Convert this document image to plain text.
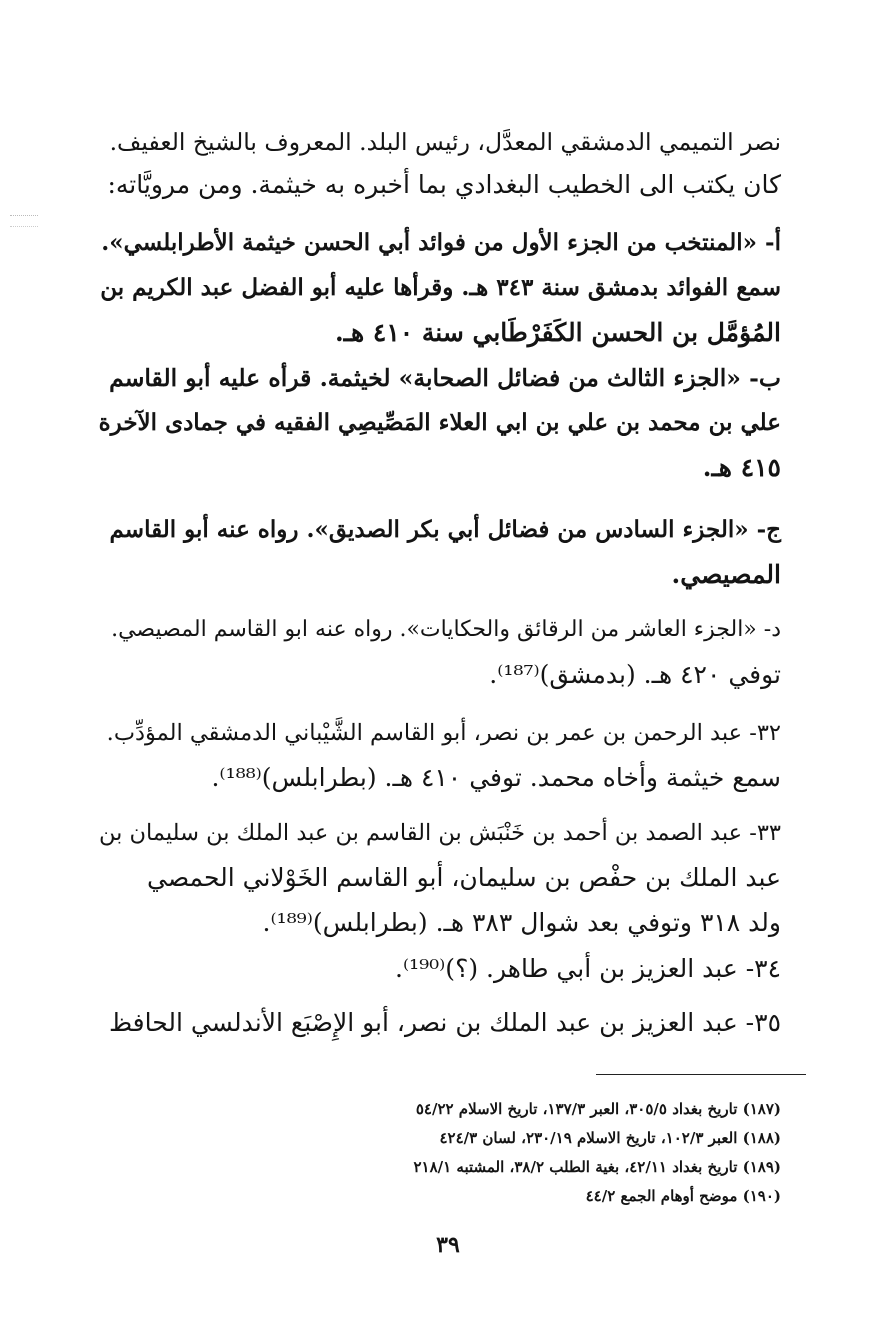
نصر التميمي الدمشقي المعدَّل، رئيس البلد. المعروف بالشيخ العفيف.

كان يكتب الى الخطيب البغدادي بما أخبره به خيثمة. ومن مرويَّاته:

أ- «المنتخب من الجزء الأول من فوائد أبي الحسن خيثمة الأطرابلسي».

سمع الفوائد بدمشق سنة ٣٤٣ هـ. وقرأها عليه أبو الفضل عبد الكريم بن

المُؤمَّل بن الحسن الكَفَرْطَابي سنة ٤١٠ هـ.

ب- «الجزء الثالث من فضائل الصحابة» لخيثمة. قرأه عليه أبو القاسم

علي بن محمد بن علي بن ابي العلاء المَصِّيصِي الفقيه في جمادى الآخرة

٤١٥ هـ.

ج- «الجزء السادس من فضائل أبي بكر الصديق». رواه عنه أبو القاسم

المصيصي.

د- «الجزء العاشر من الرقائق والحكايات». رواه عنه ابو القاسم المصيصي.

توفي ٤٢٠ هـ. (بدمشق)⁽¹⁸⁷⁾.

٣٢- عبد الرحمن بن عمر بن نصر، أبو القاسم الشَّيْباني الدمشقي المؤدِّب.

سمع خيثمة وأخاه محمد. توفي ٤١٠ هـ. (بطرابلس)⁽¹⁸⁸⁾.

٣٣- عبد الصمد بن أحمد بن خَنْبَش بن القاسم بن عبد الملك بن سليمان بن

عبد الملك بن حفْص بن سليمان، أبو القاسم الخَوْلاني الحمصي

ولد ٣١٨ وتوفي بعد شوال ٣٨٣ هـ. (بطرابلس)⁽¹⁸⁹⁾.

٣٤- عبد العزيز بن أبي طاهر. (؟)⁽¹⁹⁰⁾.

٣٥- عبد العزيز بن عبد الملك بن نصر، أبو الإِصْبَع الأندلسي الحافظ

(١٨٧) تاريخ بغداد ٣٠٥/٥، العبر ١٣٧/٣، تاريخ الاسلام ٥٤/٢٢

(١٨٨) العبر ١٠٢/٣، تاريخ الاسلام ٢٣٠/١٩، لسان ٤٢٤/٣

(١٨٩) تاريخ بغداد ٤٢/١١، بغية الطلب ٣٨/٢، المشتبه ٢١٨/١

(١٩٠) موضح أوهام الجمع ٤٤/٢

٣٩
